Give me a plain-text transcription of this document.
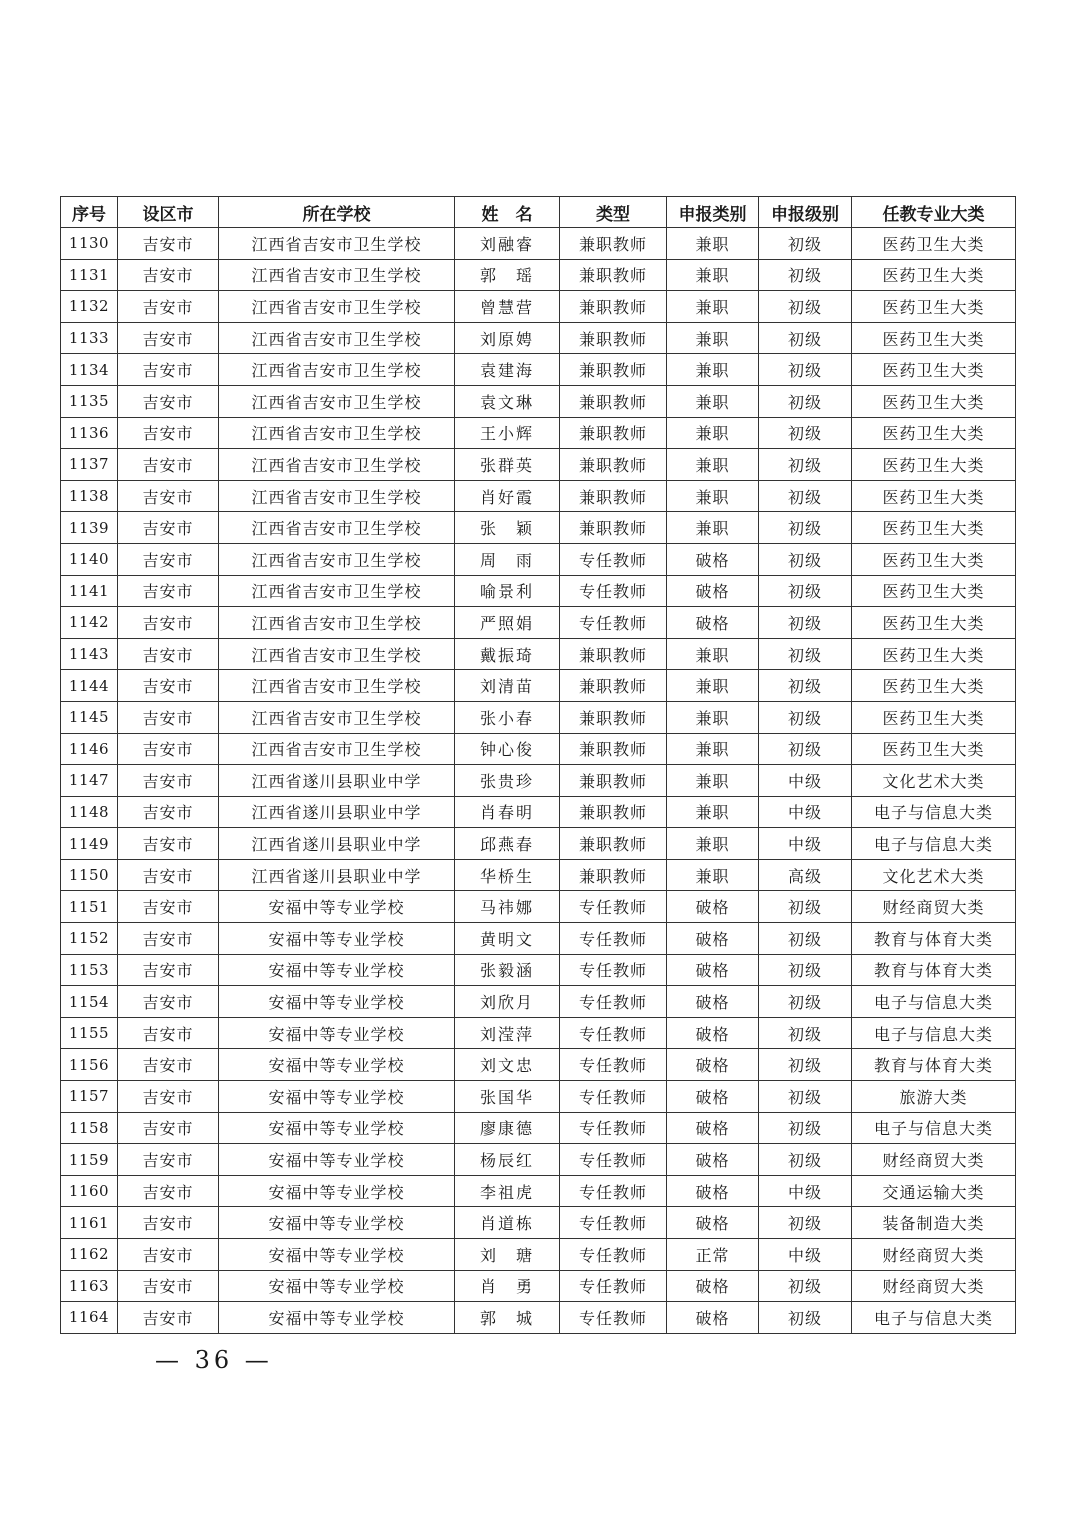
序号	设区市	所在学校	姓　名	类型	申报类别	申报级别	任教专业大类
1130	吉安市	江西省吉安市卫生学校	刘融睿	兼职教师	兼职	初级	医药卫生大类
1131	吉安市	江西省吉安市卫生学校	郭　瑶	兼职教师	兼职	初级	医药卫生大类
1132	吉安市	江西省吉安市卫生学校	曾慧营	兼职教师	兼职	初级	医药卫生大类
1133	吉安市	江西省吉安市卫生学校	刘原娉	兼职教师	兼职	初级	医药卫生大类
1134	吉安市	江西省吉安市卫生学校	袁建海	兼职教师	兼职	初级	医药卫生大类
1135	吉安市	江西省吉安市卫生学校	袁文琳	兼职教师	兼职	初级	医药卫生大类
1136	吉安市	江西省吉安市卫生学校	王小辉	兼职教师	兼职	初级	医药卫生大类
1137	吉安市	江西省吉安市卫生学校	张群英	兼职教师	兼职	初级	医药卫生大类
1138	吉安市	江西省吉安市卫生学校	肖好霞	兼职教师	兼职	初级	医药卫生大类
1139	吉安市	江西省吉安市卫生学校	张　颖	兼职教师	兼职	初级	医药卫生大类
1140	吉安市	江西省吉安市卫生学校	周　雨	专任教师	破格	初级	医药卫生大类
1141	吉安市	江西省吉安市卫生学校	喻景利	专任教师	破格	初级	医药卫生大类
1142	吉安市	江西省吉安市卫生学校	严照娟	专任教师	破格	初级	医药卫生大类
1143	吉安市	江西省吉安市卫生学校	戴振琦	兼职教师	兼职	初级	医药卫生大类
1144	吉安市	江西省吉安市卫生学校	刘清苗	兼职教师	兼职	初级	医药卫生大类
1145	吉安市	江西省吉安市卫生学校	张小春	兼职教师	兼职	初级	医药卫生大类
1146	吉安市	江西省吉安市卫生学校	钟心俊	兼职教师	兼职	初级	医药卫生大类
1147	吉安市	江西省遂川县职业中学	张贵珍	兼职教师	兼职	中级	文化艺术大类
1148	吉安市	江西省遂川县职业中学	肖春明	兼职教师	兼职	中级	电子与信息大类
1149	吉安市	江西省遂川县职业中学	邱燕春	兼职教师	兼职	中级	电子与信息大类
1150	吉安市	江西省遂川县职业中学	华桥生	兼职教师	兼职	高级	文化艺术大类
1151	吉安市	安福中等专业学校	马祎娜	专任教师	破格	初级	财经商贸大类
1152	吉安市	安福中等专业学校	黄明文	专任教师	破格	初级	教育与体育大类
1153	吉安市	安福中等专业学校	张毅涵	专任教师	破格	初级	教育与体育大类
1154	吉安市	安福中等专业学校	刘欣月	专任教师	破格	初级	电子与信息大类
1155	吉安市	安福中等专业学校	刘滢萍	专任教师	破格	初级	电子与信息大类
1156	吉安市	安福中等专业学校	刘文忠	专任教师	破格	初级	教育与体育大类
1157	吉安市	安福中等专业学校	张国华	专任教师	破格	初级	旅游大类
1158	吉安市	安福中等专业学校	廖康德	专任教师	破格	初级	电子与信息大类
1159	吉安市	安福中等专业学校	杨辰红	专任教师	破格	初级	财经商贸大类
1160	吉安市	安福中等专业学校	李祖虎	专任教师	破格	中级	交通运输大类
1161	吉安市	安福中等专业学校	肖道栋	专任教师	破格	初级	装备制造大类
1162	吉安市	安福中等专业学校	刘　瑭	专任教师	正常	中级	财经商贸大类
1163	吉安市	安福中等专业学校	肖　勇	专任教师	破格	初级	财经商贸大类
1164	吉安市	安福中等专业学校	郭　城	专任教师	破格	初级	电子与信息大类
— 36 —
